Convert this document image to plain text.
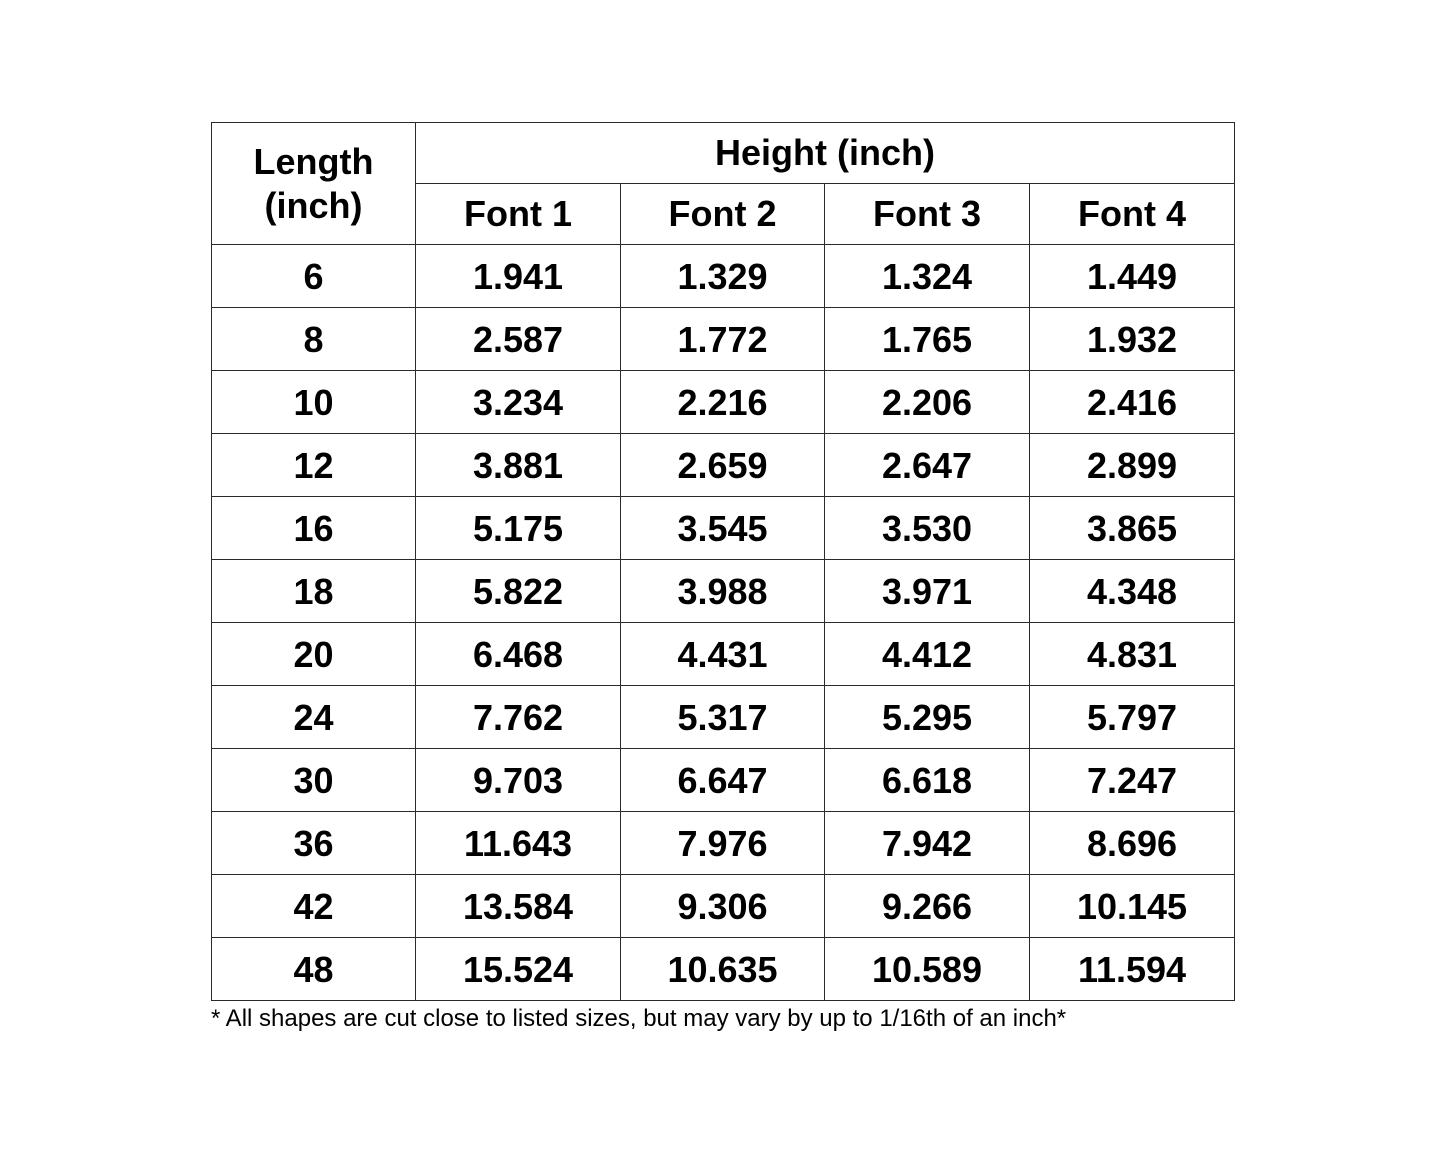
Length
(inch)	Height (inch)			
	Font 1	Font 2	Font 3	Font 4
6	1.941	1.329	1.324	1.449
8	2.587	1.772	1.765	1.932
10	3.234	2.216	2.206	2.416
12	3.881	2.659	2.647	2.899
16	5.175	3.545	3.530	3.865
18	5.822	3.988	3.971	4.348
20	6.468	4.431	4.412	4.831
24	7.762	5.317	5.295	5.797
30	9.703	6.647	6.618	7.247
36	11.643	7.976	7.942	8.696
42	13.584	9.306	9.266	10.145
48	15.524	10.635	10.589	11.594
* All shapes are cut close to listed sizes, but may vary by up to 1/16th of an inch*
